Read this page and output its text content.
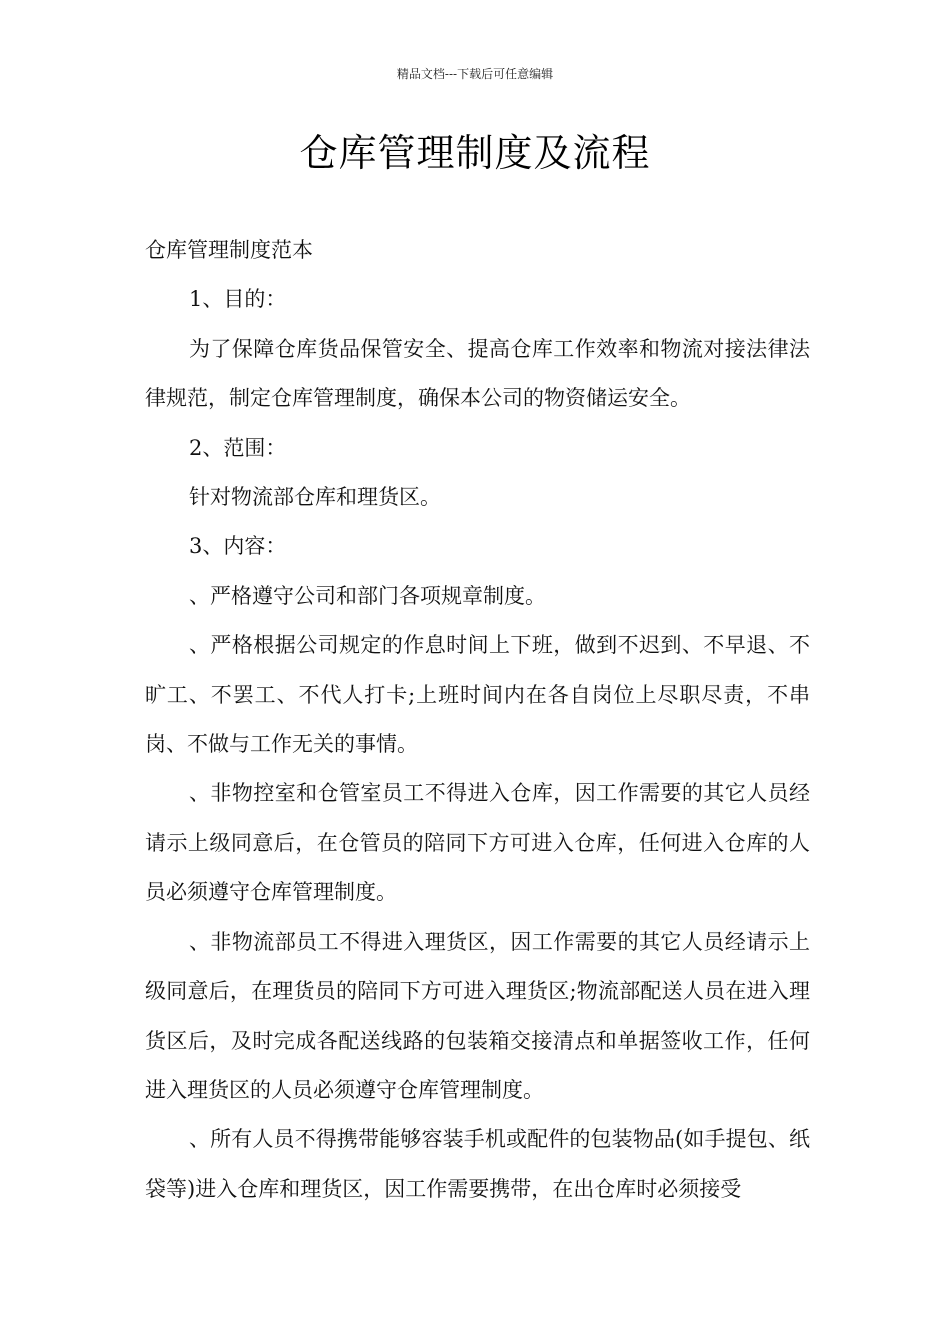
精品文档---下载后可任意编辑
仓库管理制度及流程

仓库管理制度范本

1、目的：

为了保障仓库货品保管安全、提高仓库工作效率和物流对接法律法律规范，制定仓库管理制度，确保本公司的物资储运安全。

2、范围：

针对物流部仓库和理货区。

3、内容：

、严格遵守公司和部门各项规章制度。

、严格根据公司规定的作息时间上下班，做到不迟到、不早退、不旷工、不罢工、不代人打卡;上班时间内在各自岗位上尽职尽责，不串岗、不做与工作无关的事情。

、非物控室和仓管室员工不得进入仓库，因工作需要的其它人员经请示上级同意后，在仓管员的陪同下方可进入仓库，任何进入仓库的人员必须遵守仓库管理制度。

、非物流部员工不得进入理货区，因工作需要的其它人员经请示上级同意后，在理货员的陪同下方可进入理货区;物流部配送人员在进入理货区后，及时完成各配送线路的包装箱交接清点和单据签收工作，任何进入理货区的人员必须遵守仓库管理制度。

、所有人员不得携带能够容装手机或配件的包装物品(如手提包、纸袋等)进入仓库和理货区，因工作需要携带，在出仓库时必须接受
